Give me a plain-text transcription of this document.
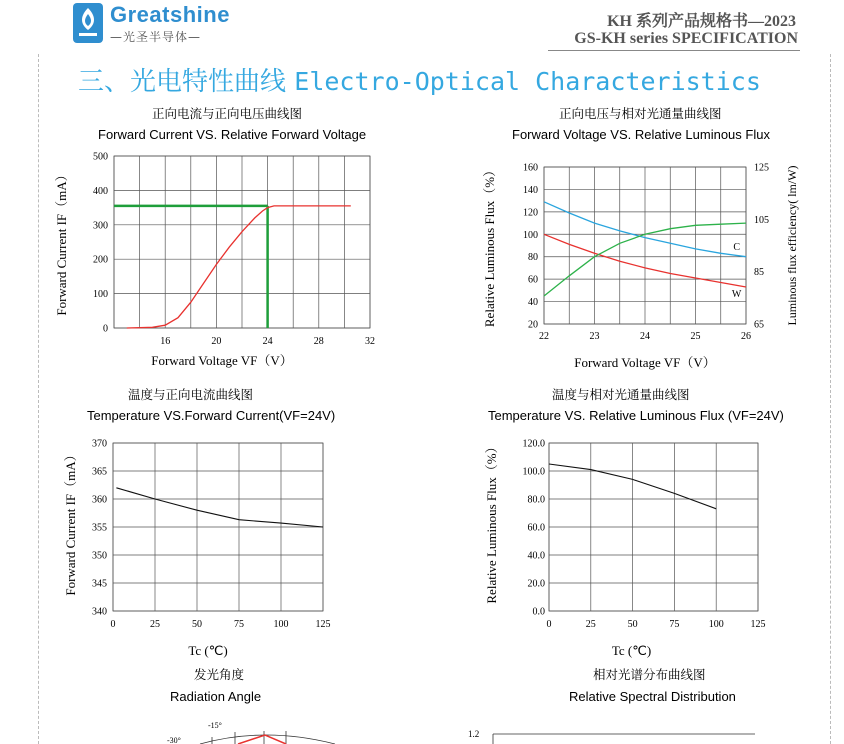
Greatshine
—光圣半导体—
KH 系列产品规格书—2023
GS-KH series SPECIFICATION
三、光电特性曲线 Electro-Optical Characteristics
正向电流与正向电压曲线图
Forward Current VS. Relative Forward Voltage
正向电压与相对光通量曲线图
Forward Voltage VS. Relative Luminous Flux
温度与正向电流曲线图
Temperature VS.Forward Current(VF=24V)
温度与相对光通量曲线图
Temperature VS. Relative Luminous Flux (VF=24V)
0
100
200
300
400
500
16	20	24	28	32
Forward Voltage VF（V）
Forward Current IF（mA）
20
40
60
80
100
120
140
160
65
85
105
125
22	23	24	25	26
C
W
Forward Voltage VF（V）
Relative Luminous Flux（%）	Luminous flux efficiency( lm/W)
340
345
350
355
360
365
370
0	25	50	75	100	125
Tc (℃)
Forward Current IF（mA）
0.0
20.0
40.0
60.0
80.0
100.0
120.0
0	25	50	75	100	125
Tc (℃)
Relative Luminous Flux（%）
发光角度
Radiation Angle
相对光谱分布曲线图
Relative Spectral Distribution
-15°
-30°
1.2
